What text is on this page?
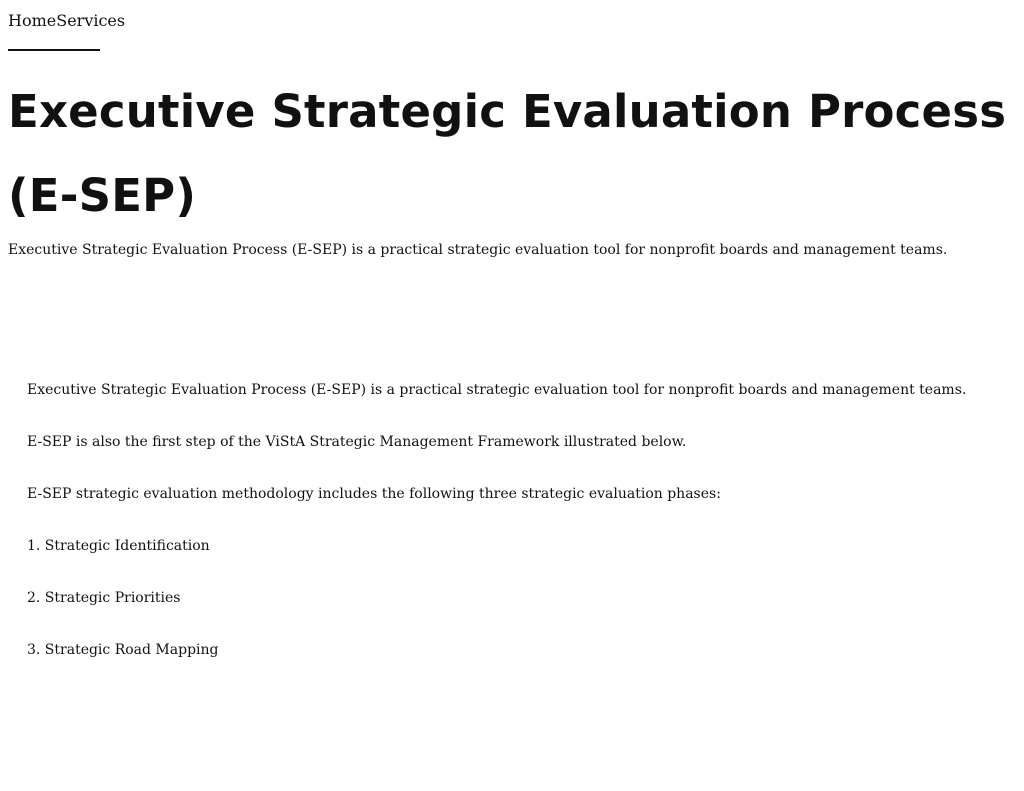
HomeServices
Executive Strategic Evaluation Process (E-SEP)

Executive Strategic Evaluation Process (E-SEP) is a practical strategic evaluation tool for nonprofit boards and management teams.

Executive Strategic Evaluation Process (E-SEP) is a practical strategic evaluation tool for nonprofit boards and management teams.

E-SEP is also the first step of the ViStA Strategic Management Framework illustrated below.

E-SEP strategic evaluation methodology includes the following three strategic evaluation phases:

1. Strategic Identification

2. Strategic Priorities

3. Strategic Road Mapping
